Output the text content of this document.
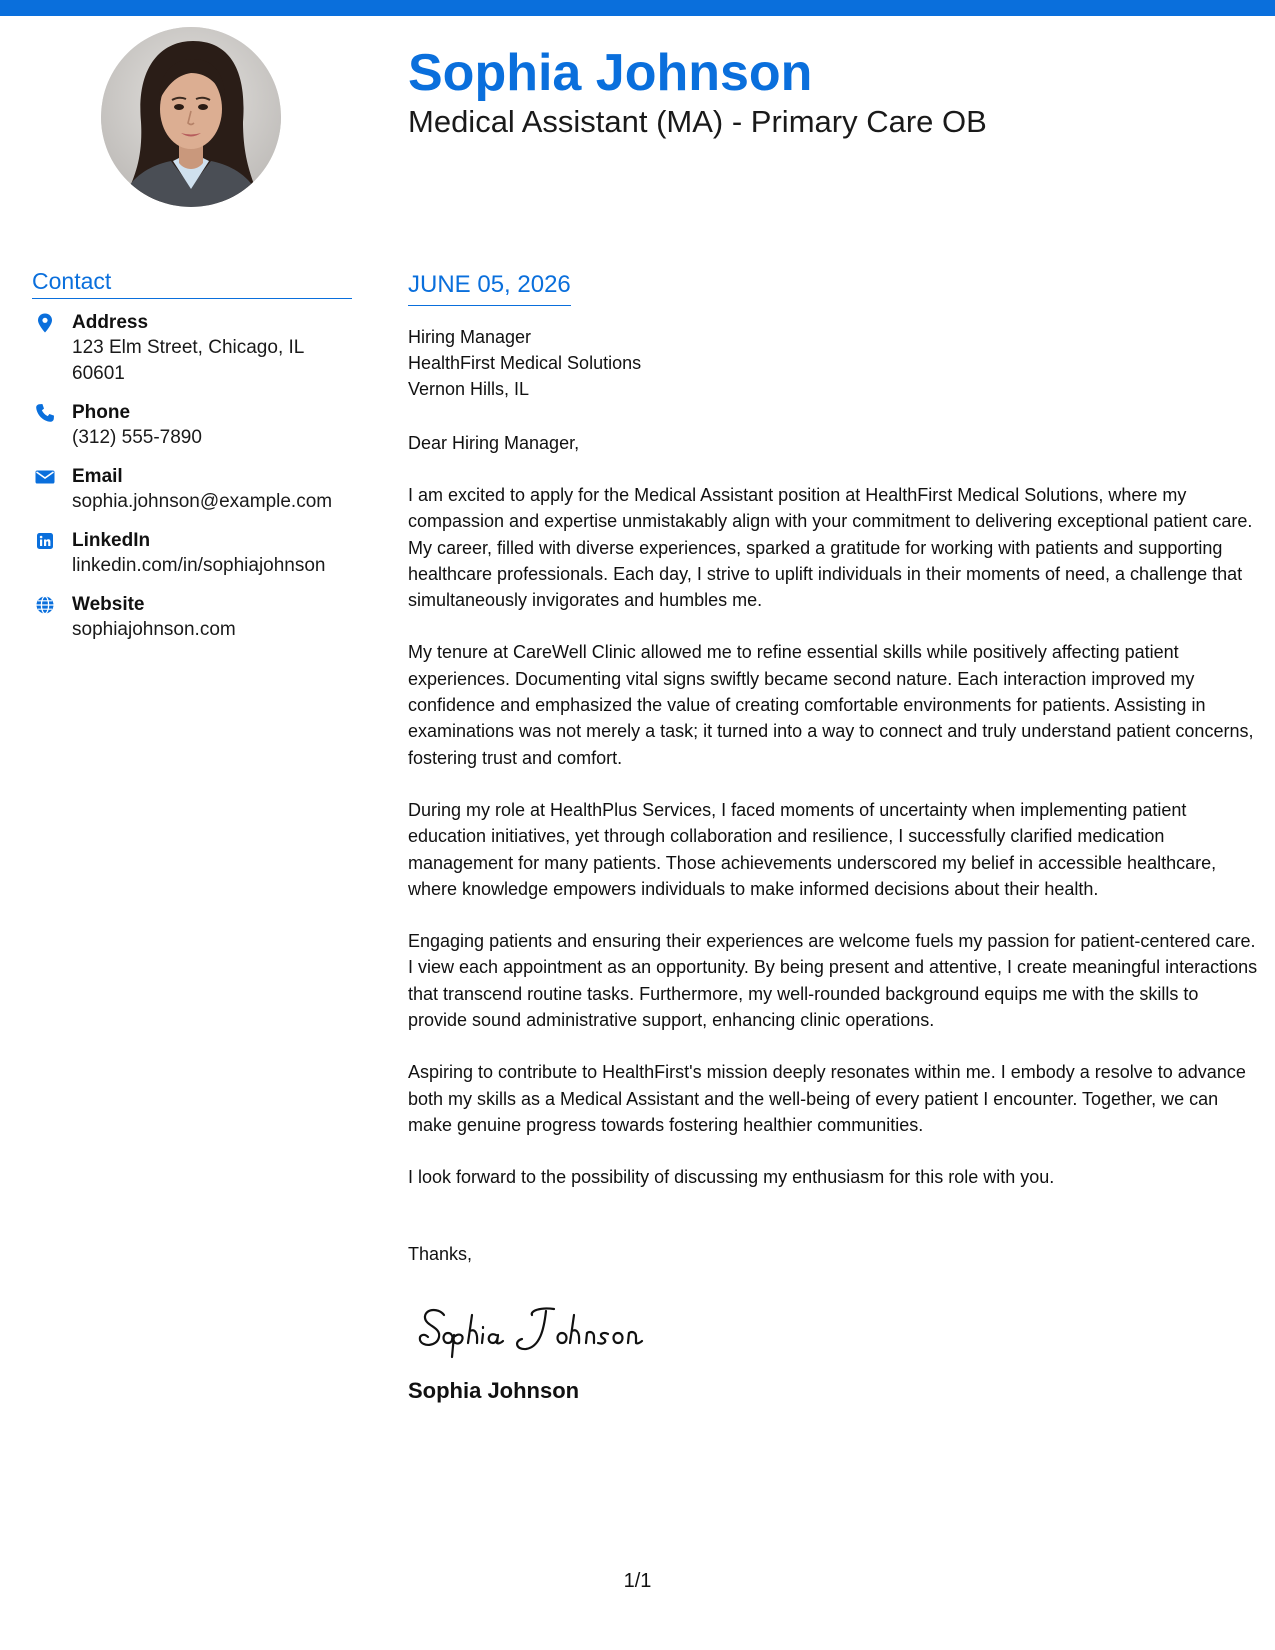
Sophia Johnson
Medical Assistant (MA) - Primary Care OB
Contact
Address
123 Elm Street, Chicago, IL
60601
Phone
(312) 555-7890
Email
sophia.johnson@example.com
LinkedIn
linkedin.com/in/sophiajohnson
Website
sophiajohnson.com
JUNE 05, 2026
Hiring Manager
HealthFirst Medical Solutions
Vernon Hills, IL
Dear Hiring Manager,
I am excited to apply for the Medical Assistant position at HealthFirst Medical Solutions, where my compassion and expertise unmistakably align with your commitment to delivering exceptional patient care. My career, filled with diverse experiences, sparked a gratitude for working with patients and supporting healthcare professionals. Each day, I strive to uplift individuals in their moments of need, a challenge that simultaneously invigorates and humbles me.
My tenure at CareWell Clinic allowed me to refine essential skills while positively affecting patient experiences. Documenting vital signs swiftly became second nature. Each interaction improved my confidence and emphasized the value of creating comfortable environments for patients. Assisting in examinations was not merely a task; it turned into a way to connect and truly understand patient concerns, fostering trust and comfort.
During my role at HealthPlus Services, I faced moments of uncertainty when implementing patient education initiatives, yet through collaboration and resilience, I successfully clarified medication management for many patients. Those achievements underscored my belief in accessible healthcare, where knowledge empowers individuals to make informed decisions about their health.
Engaging patients and ensuring their experiences are welcome fuels my passion for patient-centered care. I view each appointment as an opportunity. By being present and attentive, I create meaningful interactions that transcend routine tasks. Furthermore, my well-rounded background equips me with the skills to provide sound administrative support, enhancing clinic operations.
Aspiring to contribute to HealthFirst's mission deeply resonates within me. I embody a resolve to advance both my skills as a Medical Assistant and the well-being of every patient I encounter. Together, we can make genuine progress towards fostering healthier communities.
I look forward to the possibility of discussing my enthusiasm for this role with you.
Thanks,
Sophia Johnson
1/1
